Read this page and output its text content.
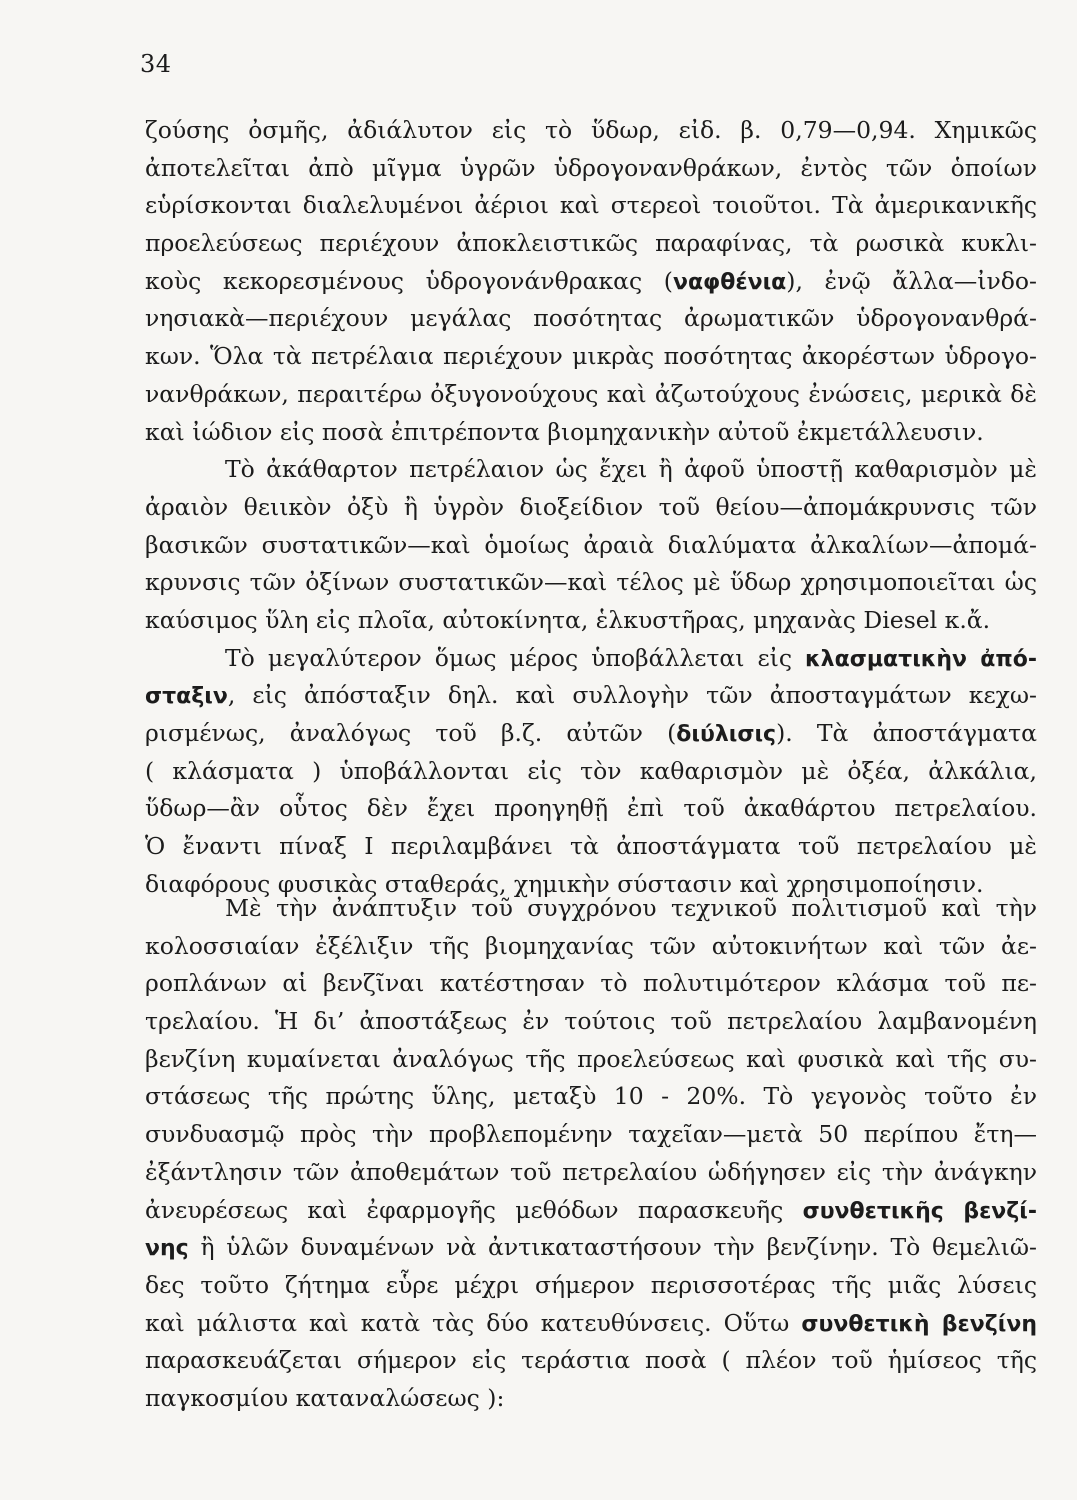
34
ζούσης ὀσμῆς, ἀδιάλυτον εἰς τὸ ὕδωρ, εἰδ. β. 0,79—0,94. Χημικῶς
ἀποτελεῖται ἀπὸ μῖγμα ὑγρῶν ὑδρογονανθράκων, ἐντὸς τῶν ὁποίων
εὑρίσκονται διαλελυμένοι ἀέριοι καὶ στερεοὶ τοιοῦτοι. Τὰ ἀμερικανικῆς
προελεύσεως περιέχουν ἀποκλειστικῶς παραφίνας, τὰ ρωσικὰ κυκλι-
κοὺς κεκορεσμένους ὑδρογονάνθρακας (ναφθένια), ἐνῷ ἄλλα—ἰνδο-
νησιακὰ—περιέχουν μεγάλας ποσότητας ἀρωματικῶν ὑδρογονανθρά-
κων. Ὅλα τὰ πετρέλαια περιέχουν μικρὰς ποσότητας ἀκορέστων ὑδρογο-
νανθράκων, περαιτέρω ὀξυγονούχους καὶ ἀζωτούχους ἐνώσεις, μερικὰ δὲ
καὶ ἰώδιον εἰς ποσὰ ἐπιτρέποντα βιομηχανικὴν αὐτοῦ ἐκμετάλλευσιν.
Τὸ ἀκάθαρτον πετρέλαιον ὡς ἔχει ἢ ἀφοῦ ὑποστῇ καθαρισμὸν μὲ
ἀραιὸν θειικὸν ὀξὺ ἢ ὑγρὸν διοξείδιον τοῦ θείου—ἀπομάκρυνσις τῶν
βασικῶν συστατικῶν—καὶ ὁμοίως ἀραιὰ διαλύματα ἀλκαλίων—ἀπομά-
κρυνσις τῶν ὀξίνων συστατικῶν—καὶ τέλος μὲ ὕδωρ χρησιμοποιεῖται ὡς
καύσιμος ὕλη εἰς πλοῖα, αὐτοκίνητα, ἑλκυστῆρας, μηχανὰς Diesel κ.ἄ.
Τὸ μεγαλύτερον ὅμως μέρος ὑποβάλλεται εἰς κλασματικὴν ἀπό-
σταξιν, εἰς ἀπόσταξιν δηλ. καὶ συλλογὴν τῶν ἀποσταγμάτων κεχω-
ρισμένως, ἀναλόγως τοῦ β.ζ. αὐτῶν (διύλισις). Τὰ ἀποστάγματα
( κλάσματα ) ὑποβάλλονται εἰς τὸν καθαρισμὸν μὲ ὀξέα, ἀλκάλια,
ὕδωρ—ἂν οὗτος δὲν ἔχει προηγηθῇ ἐπὶ τοῦ ἀκαθάρτου πετρελαίου.
Ὁ ἔναντι πίναξ I περιλαμβάνει τὰ ἀποστάγματα τοῦ πετρελαίου μὲ
διαφόρους φυσικὰς σταθεράς, χημικὴν σύστασιν καὶ χρησιμοποίησιν.
Μὲ τὴν ἀνάπτυξιν τοῦ συγχρόνου τεχνικοῦ πολιτισμοῦ καὶ τὴν
κολοσσιαίαν ἐξέλιξιν τῆς βιομηχανίας τῶν αὐτοκινήτων καὶ τῶν ἀε-
ροπλάνων αἱ βενζῖναι κατέστησαν τὸ πολυτιμότερον κλάσμα τοῦ πε-
τρελαίου. Ἡ δι’ ἀποστάξεως ἐν τούτοις τοῦ πετρελαίου λαμβανομένη
βενζίνη κυμαίνεται ἀναλόγως τῆς προελεύσεως καὶ φυσικὰ καὶ τῆς συ-
στάσεως τῆς πρώτης ὕλης, μεταξὺ 10 - 20%. Τὸ γεγονὸς τοῦτο ἐν
συνδυασμῷ πρὸς τὴν προβλεπομένην ταχεῖαν—μετὰ 50 περίπου ἔτη—
ἐξάντλησιν τῶν ἀποθεμάτων τοῦ πετρελαίου ὡδήγησεν εἰς τὴν ἀνάγκην
ἀνευρέσεως καὶ ἐφαρμογῆς μεθόδων παρασκευῆς συνθετικῆς βενζί-
νης ἢ ὑλῶν δυναμένων νὰ ἀντικαταστήσουν τὴν βενζίνην. Τὸ θεμελιῶ-
δες τοῦτο ζήτημα εὗρε μέχρι σήμερον περισσοτέρας τῆς μιᾶς λύσεις
καὶ μάλιστα καὶ κατὰ τὰς δύο κατευθύνσεις. Οὕτω συνθετικὴ βενζίνη
παρασκευάζεται σήμερον εἰς τεράστια ποσὰ ( πλέον τοῦ ἡμίσεος τῆς
παγκοσμίου καταναλώσεως ):
